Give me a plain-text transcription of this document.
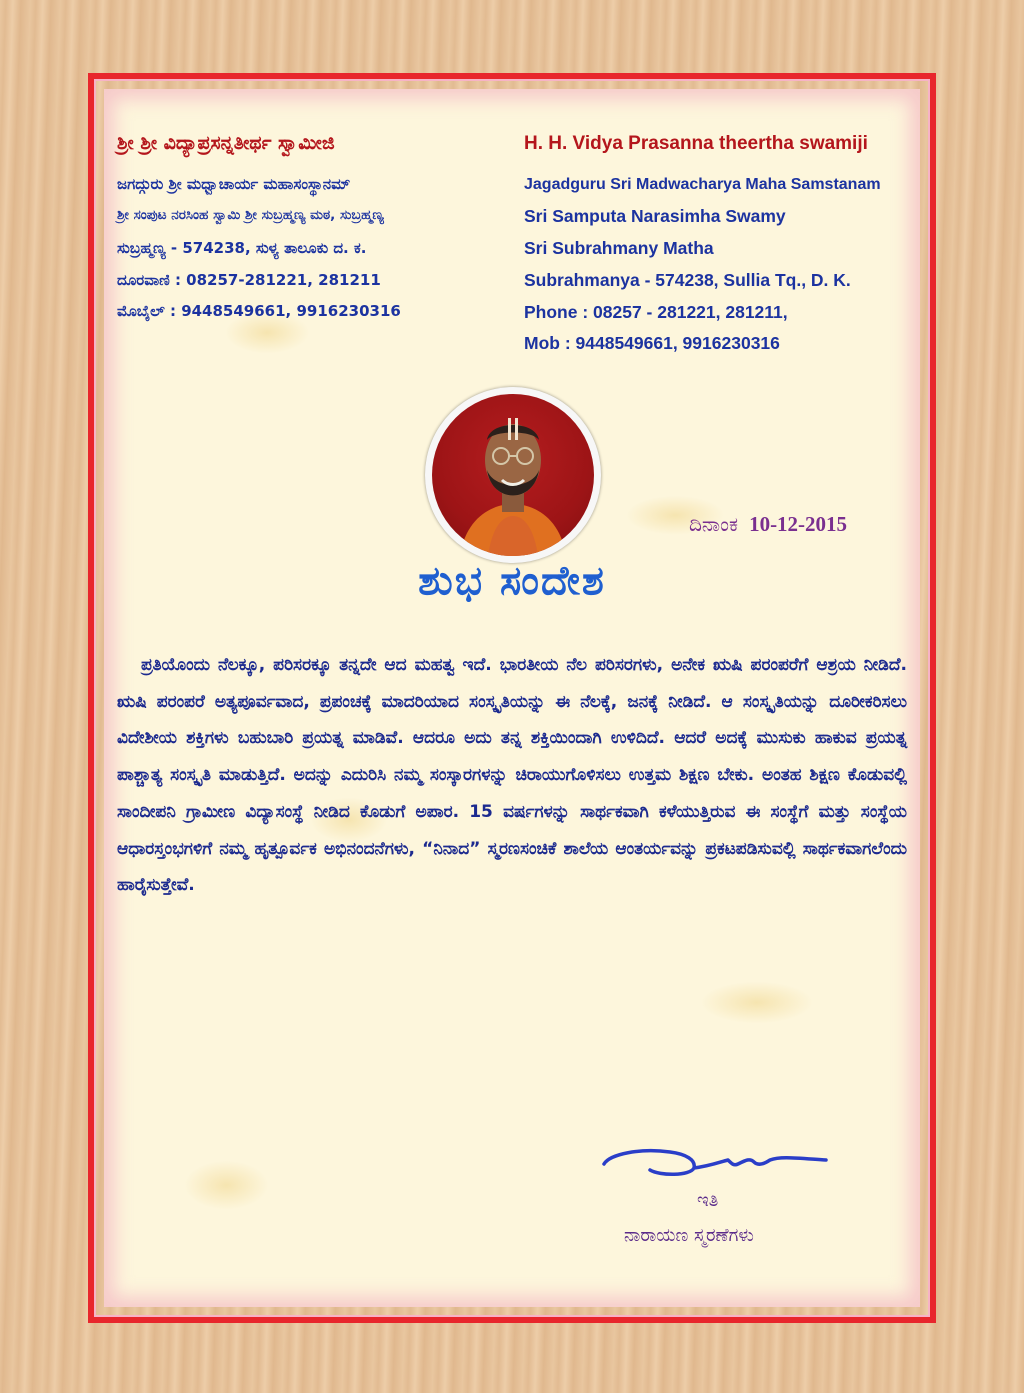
ಶ್ರೀ ಶ್ರೀ ವಿದ್ಯಾಪ್ರಸನ್ನತೀರ್ಥ ಸ್ವಾಮೀಜಿ
ಜಗದ್ಗುರು ಶ್ರೀ ಮಧ್ವಾಚಾರ್ಯ ಮಹಾಸಂಸ್ಥಾನಮ್
ಶ್ರೀ ಸಂಪುಟ ನರಸಿಂಹ ಸ್ವಾಮಿ ಶ್ರೀ ಸುಬ್ರಹ್ಮಣ್ಯ ಮಠ, ಸುಬ್ರಹ್ಮಣ್ಯ
ಸುಬ್ರಹ್ಮಣ್ಯ - 574238, ಸುಳ್ಯ ತಾಲೂಕು ದ. ಕ.
ದೂರವಾಣಿ : 08257-281221, 281211
ಮೊಬೈಲ್ : 9448549661, 9916230316
H. H. Vidya Prasanna theertha swamiji
Jagadguru Sri Madwacharya Maha Samstanam
Sri Samputa Narasimha Swamy
Sri Subrahmany Matha
Subrahmanya - 574238, Sullia Tq., D. K.
Phone : 08257 - 281221, 281211,
Mob : 9448549661, 9916230316
ದಿನಾಂಕ 10-12-2015
ಶುಭ ಸಂದೇಶ
ಪ್ರತಿಯೊಂದು ನೆಲಕ್ಕೂ, ಪರಿಸರಕ್ಕೂ ತನ್ನದೇ ಆದ ಮಹತ್ವ ಇದೆ. ಭಾರತೀಯ ನೆಲ ಪರಿಸರಗಳು, ಅನೇಕ ಋಷಿ ಪರಂಪರೆಗೆ ಆಶ್ರಯ ನೀಡಿದೆ. ಋಷಿ ಪರಂಪರೆ ಅತ್ಯಪೂರ್ವವಾದ, ಪ್ರಪಂಚಕ್ಕೆ ಮಾದರಿಯಾದ ಸಂಸ್ಕೃತಿಯನ್ನು ಈ ನೆಲಕ್ಕೆ, ಜನಕ್ಕೆ ನೀಡಿದೆ. ಆ ಸಂಸ್ಕೃತಿಯನ್ನು ದೂರೀಕರಿಸಲು ವಿದೇಶೀಯ ಶಕ್ತಿಗಳು ಬಹುಬಾರಿ ಪ್ರಯತ್ನ ಮಾಡಿವೆ. ಆದರೂ ಅದು ತನ್ನ ಶಕ್ತಿಯಿಂದಾಗಿ ಉಳಿದಿದೆ. ಆದರೆ ಅದಕ್ಕೆ ಮುಸುಕು ಹಾಕುವ ಪ್ರಯತ್ನ ಪಾಶ್ಚಾತ್ಯ ಸಂಸ್ಕೃತಿ ಮಾಡುತ್ತಿದೆ. ಅದನ್ನು ಎದುರಿಸಿ ನಮ್ಮ ಸಂಸ್ಕಾರಗಳನ್ನು ಚಿರಾಯುಗೊಳಿಸಲು ಉತ್ತಮ ಶಿಕ್ಷಣ ಬೇಕು. ಅಂತಹ ಶಿಕ್ಷಣ ಕೊಡುವಲ್ಲಿ ಸಾಂದೀಪನಿ ಗ್ರಾಮೀಣ ವಿದ್ಯಾಸಂಸ್ಥೆ ನೀಡಿದ ಕೊಡುಗೆ ಅಪಾರ. 15 ವರ್ಷಗಳನ್ನು ಸಾರ್ಥಕವಾಗಿ ಕಳೆಯುತ್ತಿರುವ ಈ ಸಂಸ್ಥೆಗೆ ಮತ್ತು ಸಂಸ್ಥೆಯ ಆಧಾರಸ್ತಂಭಗಳಿಗೆ ನಮ್ಮ ಹೃತ್ಪೂರ್ವಕ ಅಭಿನಂದನೆಗಳು, “ನಿನಾದ” ಸ್ಮರಣಸಂಚಿಕೆ ಶಾಲೆಯ ಆಂತರ್ಯವನ್ನು ಪ್ರಕಟಪಡಿಸುವಲ್ಲಿ ಸಾರ್ಥಕವಾಗಲೆಂದು ಹಾರೈಸುತ್ತೇವೆ.
ಇತಿ
ನಾರಾಯಣ ಸ್ಮರಣೆಗಳು
